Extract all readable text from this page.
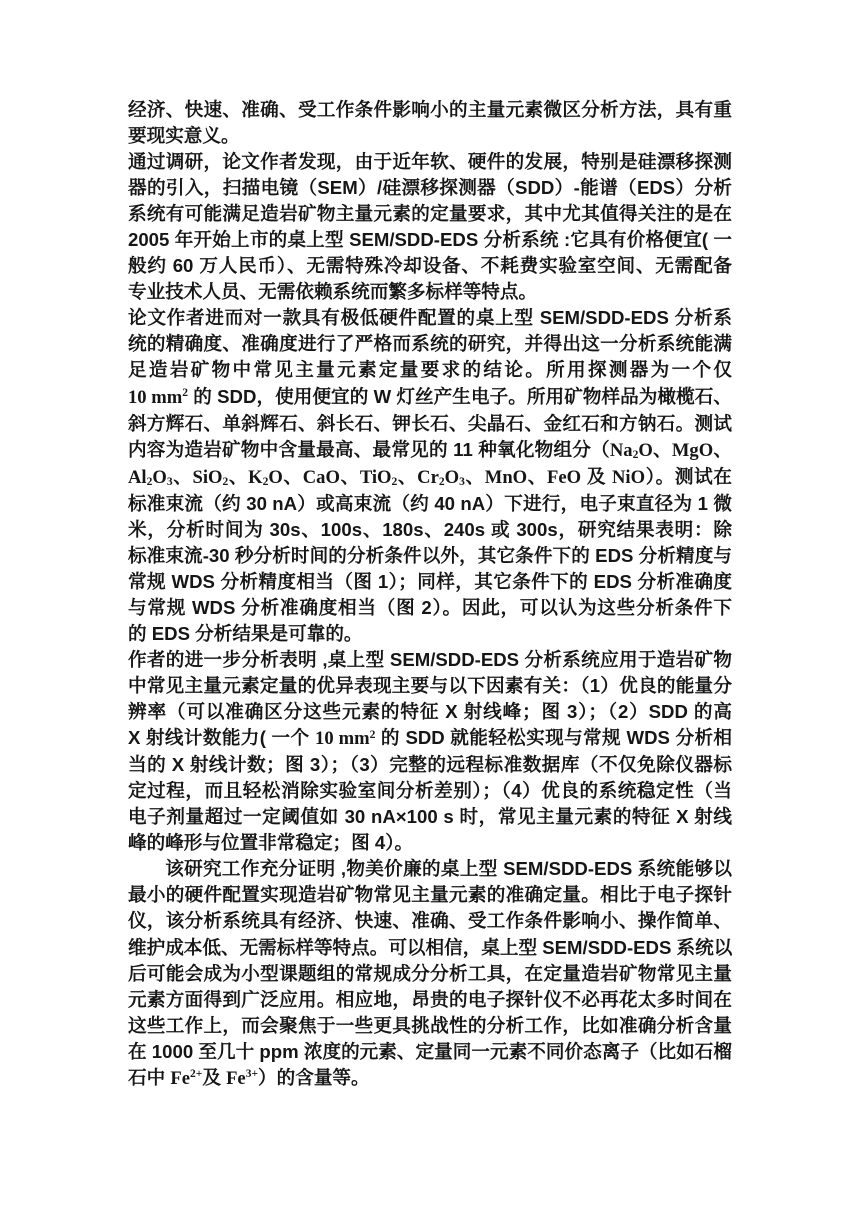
经济、快速、准确、受工作条件影响小的主量元素微区分析方法，具有重
要现实意义。
通过调研，论文作者发现，由于近年软、硬件的发展，特别是硅漂移探测
器的引入，扫描电镜（SEM）/硅漂移探测器（SDD）-能谱（EDS）分析
系统有可能满足造岩矿物主量元素的定量要求，其中尤其值得关注的是在
2005 年开始上市的桌上型 SEM/SDD-EDS 分析系统 :它具有价格便宜( 一
般约 60 万人民币）、无需特殊冷却设备、不耗费实验室空间、无需配备
专业技术人员、无需依赖系统而繁多标样等特点。
论文作者进而对一款具有极低硬件配置的桌上型 SEM/SDD-EDS 分析系
统的精确度、准确度进行了严格而系统的研究，并得出这一分析系统能满
足造岩矿物中常见主量元素定量要求的结论。所用探测器为一个仅
10 $mm^2$ 的 SDD，使用便宜的 W 灯丝产生电子。所用矿物样品为橄榄石、
斜方辉石、单斜辉石、斜长石、钾长石、尖晶石、金红石和方钠石。测试
内容为造岩矿物中含量最高、最常见的 11 种氧化物组分（Na2O、MgO、
Al2O3、SiO2、K2O、CaO、TiO2、Cr2O3、MnO、FeO 及 NiO）。测试在
标准束流（约 30 nA）或高束流（约 40 nA）下进行，电子束直径为 1 微
米，分析时间为 30s、100s、180s、240s 或 300s，研究结果表明：除
标准束流-30 秒分析时间的分析条件以外，其它条件下的 EDS 分析精度与
常规 WDS 分析精度相当（图 1）；同样，其它条件下的 EDS 分析准确度
与常规 WDS 分析准确度相当（图 2）。因此，可以认为这些分析条件下
的 EDS 分析结果是可靠的。
作者的进一步分析表明 ,桌上型 SEM/SDD-EDS 分析系统应用于造岩矿物
中常见主量元素定量的优异表现主要与以下因素有关：（1）优良的能量分
辨率（可以准确区分这些元素的特征 X 射线峰；图 3）；（2）SDD 的高
X 射线计数能力( 一个 10 $mm^2$ 的 SDD 就能轻松实现与常规 WDS 分析相
当的 X 射线计数；图 3）；（3）完整的远程标准数据库（不仅免除仪器标
定过程，而且轻松消除实验室间分析差别）；（4）优良的系统稳定性（当
电子剂量超过一定阈值如 30 nA×100 s 时，常见主量元素的特征 X 射线
峰的峰形与位置非常稳定；图 4）。
该研究工作充分证明 ,物美价廉的桌上型 SEM/SDD-EDS 系统能够以
最小的硬件配置实现造岩矿物常见主量元素的准确定量。相比于电子探针
仪，该分析系统具有经济、快速、准确、受工作条件影响小、操作简单、
维护成本低、无需标样等特点。可以相信，桌上型 SEM/SDD-EDS 系统以
后可能会成为小型课题组的常规成分分析工具，在定量造岩矿物常见主量
元素方面得到广泛应用。相应地，昂贵的电子探针仪不必再花太多时间在
这些工作上，而会聚焦于一些更具挑战性的分析工作，比如准确分析含量
在 1000 至几十 ppm 浓度的元素、定量同一元素不同价态离子（比如石榴
石中 $Fe^{2+}$及 $Fe^{3+}$）的含量等。
